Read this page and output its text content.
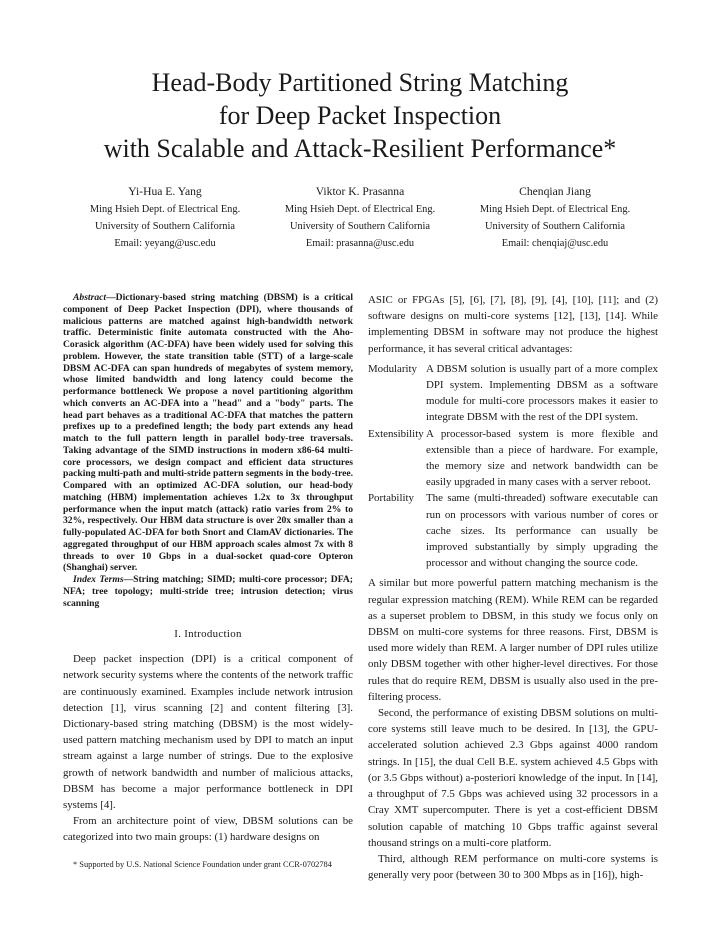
Head-Body Partitioned String Matching
for Deep Packet Inspection
with Scalable and Attack-Resilient Performance*
Yi-Hua E. Yang
Ming Hsieh Dept. of Electrical Eng.
University of Southern California
Email: yeyang@usc.edu
Viktor K. Prasanna
Ming Hsieh Dept. of Electrical Eng.
University of Southern California
Email: prasanna@usc.edu
Chenqian Jiang
Ming Hsieh Dept. of Electrical Eng.
University of Southern California
Email: chenqiaj@usc.edu

Abstract—Dictionary-based string matching (DBSM) is a critical component of Deep Packet Inspection (DPI), where thousands of malicious patterns are matched against high-bandwidth network traffic. Deterministic finite automata constructed with the Aho-Corasick algorithm (AC-DFA) have been widely used for solving this problem. However, the state transition table (STT) of a large-scale DBSM AC-DFA can span hundreds of megabytes of system memory, whose limited bandwidth and long latency could become the performance bottleneck We propose a novel partitioning algorithm which converts an AC-DFA into a "head" and a "body" parts. The head part behaves as a traditional AC-DFA that matches the pattern prefixes up to a predefined length; the body part extends any head match to the full pattern length in parallel body-tree traversals. Taking advantage of the SIMD instructions in modern x86-64 multi-core processors, we design compact and efficient data structures packing multi-path and multi-stride pattern segments in the body-tree. Compared with an optimized AC-DFA solution, our head-body matching (HBM) implementation achieves 1.2x to 3x throughput performance when the input match (attack) ratio varies from 2% to 32%, respectively. Our HBM data structure is over 20x smaller than a fully-populated AC-DFA for both Snort and ClamAV dictionaries. The aggregated throughput of our HBM approach scales almost 7x with 8 threads to over 10 Gbps in a dual-socket quad-core Opteron (Shanghai) server.

Index Terms—String matching; SIMD; multi-core processor; DFA; NFA; tree topology; multi-stride tree; intrusion detection; virus scanning

I. Introduction

Deep packet inspection (DPI) is a critical component of network security systems where the contents of the network traffic are continuously examined. Examples include network intrusion detection [1], virus scanning [2] and content filtering [3]. Dictionary-based string matching (DBSM) is the most widely-used pattern matching mechanism used by DPI to match an input stream against a large number of strings. Due to the explosive growth of network bandwidth and number of malicious attacks, DBSM has become a major performance bottleneck in DPI systems [4].

From an architecture point of view, DBSM solutions can be categorized into two main groups: (1) hardware designs on

* Supported by U.S. National Science Foundation under grant CCR-0702784

ASIC or FPGAs [5], [6], [7], [8], [9], [4], [10], [11]; and (2) software designs on multi-core systems [12], [13], [14]. While implementing DBSM in software may not produce the highest performance, it has several critical advantages:

Modularity A DBSM solution is usually part of a more complex DPI system. Implementing DBSM as a software module for multi-core processors makes it easier to integrate DBSM with the rest of the DPI system.
Extensibility A processor-based system is more flexible and extensible than a piece of hardware. For example, the memory size and network bandwidth can be easily upgraded in many cases with a server reboot.
Portability	The same (multi-threaded) software executable can run on processors with various number of cores or cache sizes. Its performance can usually be improved substantially by simply upgrading the processor and without changing the source code.

A similar but more powerful pattern matching mechanism is the regular expression matching (REM). While REM can be regarded as a superset problem to DBSM, in this study we focus only on DBSM on multi-core systems for three reasons. First, DBSM is used more widely than REM. A larger number of DPI rules utilize only DBSM together with other higher-level directives. For those rules that do require REM, DBSM is usually also used in the pre-filtering process.

Second, the performance of existing DBSM solutions on multi-core systems still leave much to be desired. In [13], the GPU-accelerated solution achieved 2.3 Gbps against 4000 random strings. In [15], the dual Cell B.E. system achieved 4.5 Gbps with (or 3.5 Gbps without) a-posteriori knowledge of the input. In [14], a throughput of 7.5 Gbps was achieved using 32 processors in a Cray XMT supercomputer. There is yet a cost-efficient DBSM solution capable of matching 10 Gbps traffic against several thousand strings on a multi-core platform.

Third, although REM performance on multi-core systems is generally very poor (between 30 to 300 Mbps as in [16]), high-
